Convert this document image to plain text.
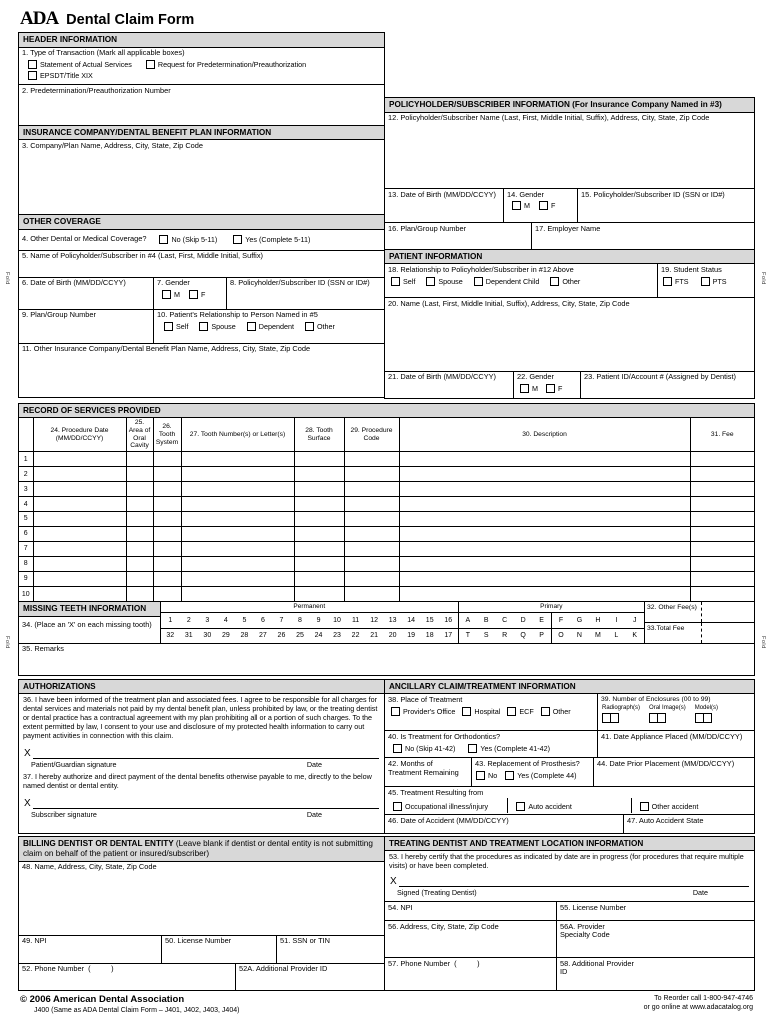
Fold
Fold
Fold
Fold
ADA Dental Claim Form
HEADER INFORMATION
1. Type of Transaction (Mark all applicable boxes)
Statement of Actual Services	Request for Predetermination/Preauthorization
EPSDT/Title XIX
2. Predetermination/Preauthorization Number
INSURANCE COMPANY/DENTAL BENEFIT PLAN INFORMATION
3. Company/Plan Name, Address, City, State, Zip Code
OTHER COVERAGE
4. Other Dental or Medical Coverage?	No (Skip 5-11)	Yes (Complete 5-11)
5. Name of Policyholder/Subscriber in #4 (Last, First, Middle Initial, Suffix)
6. Date of Birth (MM/DD/CCYY)	7. Gender
M	F
8. Policyholder/Subscriber ID (SSN or ID#)
9. Plan/Group Number	10. Patient's Relationship to Person Named in #5
Self	Spouse	Dependent	Other
11. Other Insurance Company/Dental Benefit Plan Name, Address, City, State, Zip Code
POLICYHOLDER/SUBSCRIBER INFORMATION (For Insurance Company Named in #3)
12. Policyholder/Subscriber Name (Last, First, Middle Initial, Suffix), Address, City, State, Zip Code
13. Date of Birth (MM/DD/CCYY)	14. Gender
M	F
15. Policyholder/Subscriber ID (SSN or ID#)
16. Plan/Group Number	17. Employer Name
PATIENT INFORMATION
18. Relationship to Policyholder/Subscriber in #12 Above
Self	Spouse	Dependent Child	Other
19. Student Status
FTS	PTS
20. Name (Last, First, Middle Initial, Suffix), Address, City, State, Zip Code
21. Date of Birth (MM/DD/CCYY)	22. Gender
M	F
23. Patient ID/Account # (Assigned by Dentist)
RECORD OF SERVICES PROVIDED
	24. Procedure Date (MM/DD/CCYY)	25. Area of Oral Cavity	26. Tooth System	27. Tooth Number(s) or Letter(s)	28. Tooth Surface	29. Procedure Code	30. Description	31. Fee
1								
2								
3								
4								
5								
6								
7								
8								
9								
10								
MISSING TEETH INFORMATION
34. (Place an 'X' on each missing tooth)
Permanent	Primary
1	2	3	4	5	6	7	8	9	10	11	12	13	14	15	16	A	B	C	D	E	F	G	H	I	J
32	31	30	29	28	27	26	25	24	23	22	21	20	19	18	17	T	S	R	Q	P	O	N	M	L	K
32. Other Fee(s)
33.Total Fee
35. Remarks
AUTHORIZATIONS
36. I have been informed of the treatment plan and associated fees. I agree to be responsible for all charges for dental services and materials not paid by my dental benefit plan, unless prohibited by law, or the treating dentist or dental practice has a contractual agreement with my plan prohibiting all or a portion of such charges. To the extent permitted by law, I consent to your use and disclosure of my protected health information to carry out payment activities in connection with this claim.
X
Patient/Guardian signature	Date
37. I hereby authorize and direct payment of the dental benefits otherwise payable to me, directly to the below named dentist or dental entity.
X
Subscriber signature	Date
ANCILLARY CLAIM/TREATMENT INFORMATION
38. Place of Treatment
Provider's Office	Hospital	ECF	Other
39. Number of Enclosures (00 to 99)
Radiograph(s) Oral Image(s) Model(s)
40. Is Treatment for Orthodontics?
No (Skip 41-42)	Yes (Complete 41-42)
41. Date Appliance Placed (MM/DD/CCYY)
42. Months of Treatment Remaining
43. Replacement of Prosthesis?
No	Yes (Complete 44)
44. Date Prior Placement (MM/DD/CCYY)
45. Treatment Resulting from
Occupational illness/injury	Auto accident	Other accident
46. Date of Accident (MM/DD/CCYY)	47. Auto Accident State
BILLING DENTIST OR DENTAL ENTITY (Leave blank if dentist or dental entity is not submitting claim on behalf of the patient or insured/subscriber)
48. Name, Address, City, State, Zip Code
49. NPI	50. License Number	51. SSN or TIN
52. Phone Number  (          )	52A. Additional Provider ID
TREATING DENTIST AND TREATMENT LOCATION INFORMATION
53. I hereby certify that the procedures as indicated by date are in progress (for procedures that require multiple visits) or have been completed.
X
Signed (Treating Dentist)	Date
54. NPI	55. License Number
56. Address, City, State, Zip Code	56A. Provider Specialty Code
57. Phone Number  (          )	58. Additional Provider ID
© 2006 American Dental Association
J400 (Same as ADA Dental Claim Form – J401, J402, J403, J404)
To Reorder call 1-800-947-4746
or go online at www.adacatalog.org
